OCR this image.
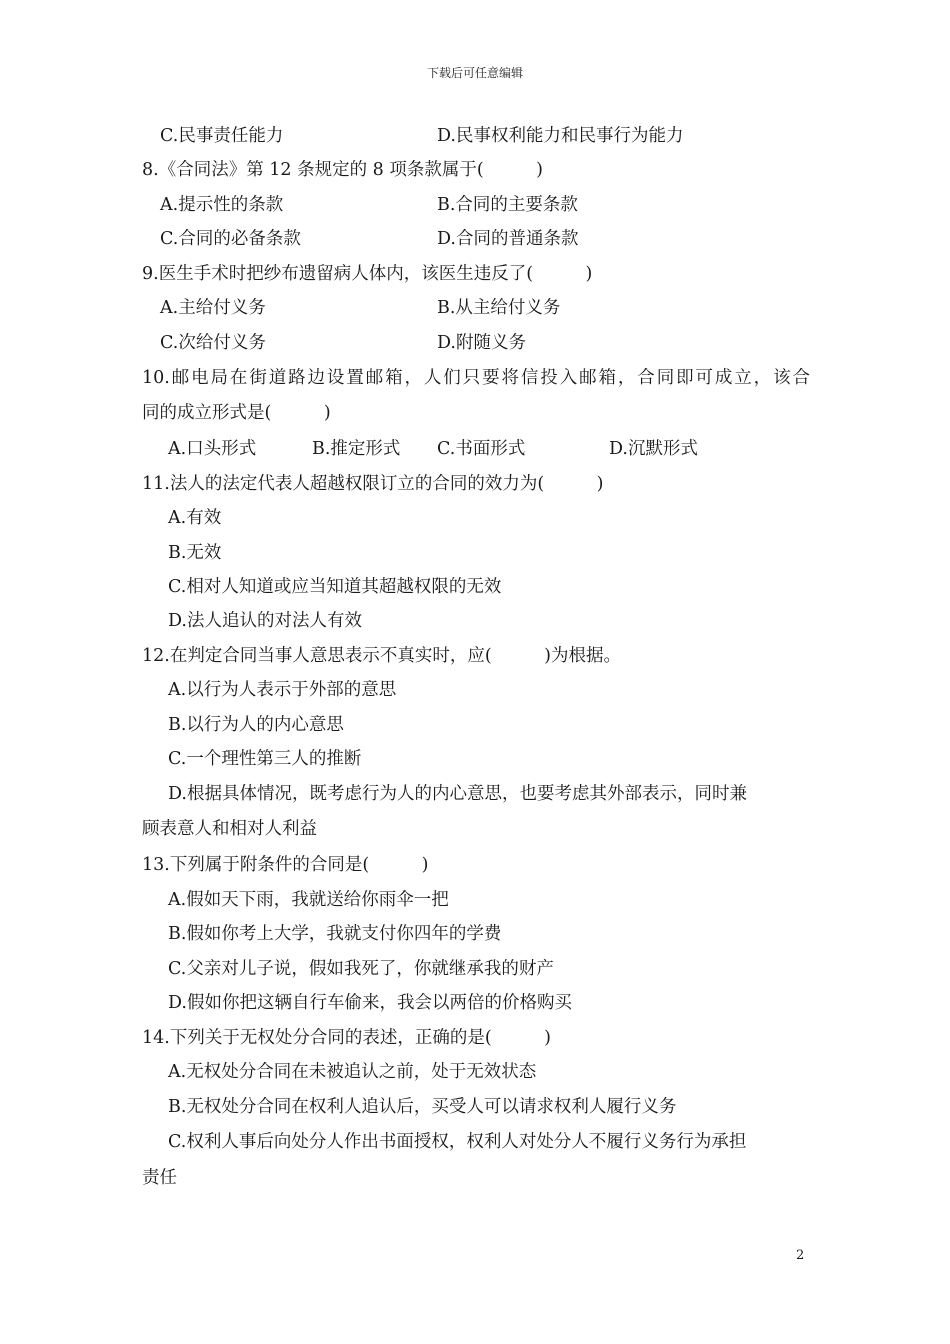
下载后可任意编辑
C.民事责任能力	D.民事权利能力和民事行为能力
8.《合同法》第 12 条规定的 8 项条款属于(　　　)
A.提示性的条款	B.合同的主要条款
C.合同的必备条款	D.合同的普通条款
9.医生手术时把纱布遗留病人体内，该医生违反了(　　　)
A.主给付义务	B.从主给付义务
C.次给付义务	D.附随义务
10.邮电局在街道路边设置邮箱，人们只要将信投入邮箱，合同即可成立，该合
同的成立形式是(　　　)
A.口头形式	B.推定形式 C.书面形式	D.沉默形式
11.法人的法定代表人超越权限订立的合同的效力为(　　　)
A.有效
B.无效
C.相对人知道或应当知道其超越权限的无效
D.法人追认的对法人有效
12.在判定合同当事人意思表示不真实时，应(　　　)为根据。
A.以行为人表示于外部的意思
B.以行为人的内心意思
C.一个理性第三人的推断
D.根据具体情况，既考虑行为人的内心意思，也要考虑其外部表示，同时兼
顾表意人和相对人利益
13.下列属于附条件的合同是(　　　)
A.假如天下雨，我就送给你雨伞一把
B.假如你考上大学，我就支付你四年的学费
C.父亲对儿子说，假如我死了，你就继承我的财产
D.假如你把这辆自行车偷来，我会以两倍的价格购买
14.下列关于无权处分合同的表述，正确的是(　　　)
A.无权处分合同在未被追认之前，处于无效状态
B.无权处分合同在权利人追认后，买受人可以请求权利人履行义务
C.权利人事后向处分人作出书面授权，权利人对处分人不履行义务行为承担
责任
2
